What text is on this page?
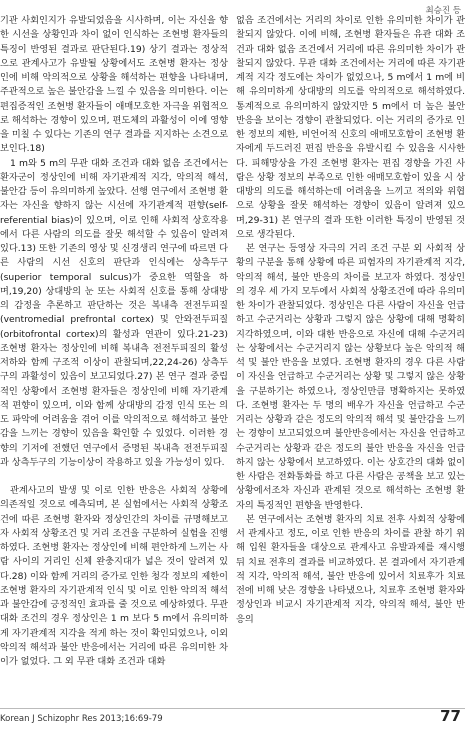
최승진 등

기관 사회인지가 유발되었음을 시사하며, 이는 자신을 향한 시선을 상황인과 차이 없이 인식하는 조현병 환자들의 특징이 반영된 결과로 판단된다.19) 상기 결과는 정상적으로 관계사고가 유발될 상황에서도 조현병 환자는 정상인에 비해 악의적으로 상황을 해석하는 편향을 나타내며, 주관적으로 높은 불안감을 느낄 수 있음을 의미한다. 이는 편집증적인 조현병 환자들이 애매모호한 자극을 위협적으로 해석하는 경향이 있으며, 편도체의 과활성이 이에 영향을 미칠 수 있다는 기존의 연구 결과를 지지하는 소견으로 보인다.18)

1 m와 5 m의 무관 대화 조건과 대화 없음 조건에서는 환자군이 정상인에 비해 자기관계적 지각, 악의적 해석, 불안감 등이 유의미하게 높았다. 선행 연구에서 조현병 환자는 자신을 향하지 않는 시선에 자기관계적 편향(self-referential bias)이 있으며, 이로 인해 사회적 상호작용에서 다른 사람의 의도를 잘못 해석할 수 있음이 알려져 있다.13) 또한 기존의 영상 및 신경생리 연구에 따르면 다른 사람의 시선 신호의 판단과 인식에는 상측두구(superior temporal sulcus)가 중요한 역할을 하며,19,20) 상대방의 눈 또는 사회적 신호를 통해 상대방의 감정을 추론하고 판단하는 것은 복내측 전전두피질(ventromedial prefrontal cortex) 및 안와전두피질(orbitofrontal cortex)의 활성과 연관이 있다.21-23) 조현병 환자는 정상인에 비해 복내측 전전두피질의 활성 저하와 함께 구조적 이상이 관찰되며,22,24-26) 상측두구의 과활성이 있음이 보고되었다.27) 본 연구 결과 중립적인 상황에서 조현병 환자들은 정상인에 비해 자기관계적 편향이 있으며, 이와 함께 상대방의 감정 인식 또는 의도 파악에 어려움을 겪어 이를 악의적으로 해석하고 불안감을 느끼는 경향이 있음을 확인할 수 있었다. 이러한 경향의 기저에 전했던 연구에서 증명된 복내측 전전두피질과 상측두구의 기능이상이 작용하고 있을 가능성이 있다.

관계사고의 발생 및 이로 인한 반응은 사회적 상황에 의존적일 것으로 예측되며, 본 실험에서는 사회적 상황조건에 따른 조현병 환자와 정상인간의 차이를 규명해보고자 사회적 상황조건 및 거리 조건을 구분하여 실험을 진행하였다. 조현병 환자는 정상인에 비해 편안하게 느끼는 사람 사이의 거리인 신체 완충지대가 넓은 것이 알려져 있다.28) 이와 함께 거리의 증가로 인한 청각 정보의 제한이 조현병 환자의 자기관계적 인식 및 이로 인한 악의적 해석과 불안감에 긍정적인 효과를 줄 것으로 예상하였다. 무관 대화 조건의 경우 정상인은 1 m 보다 5 m에서 유의미하게 자기관계적 지각을 적게 하는 것이 확인되었으나, 이외 악의적 해석과 불안 반응에서는 거리에 따른 유의미한 차이가 없었다. 그 외 무관 대화 조건과 대화

없음 조건에서는 거리의 차이로 인한 유의미한 차이가 관찰되지 않았다. 이에 비해, 조현병 환자들은 유관 대화 조건과 대화 없음 조건에서 거리에 따른 유의미한 차이가 관찰되지 않았다. 무관 대화 조건에서는 거리에 따른 자기관계적 지각 정도에는 차이가 없었으나, 5 m에서 1 m에 비해 유의미하게 상대방의 의도를 악의적으로 해석하였다. 통계적으로 유의미하지 않았지만 5 m에서 더 높은 불안반응을 보이는 경향이 관찰되었다. 이는 거리의 증가로 인한 정보의 제한, 비언어적 신호의 애매모호함이 조현병 환자에게 두드러진 편집 반응을 유발시킬 수 있음을 시사한다. 피해망상을 가진 조현병 환자는 편집 경향을 가진 사람은 상황 정보의 부족으로 인한 애매모호함이 있을 시 상대방의 의도를 해석하는데 어려움을 느끼고 적의와 위협으로 상황을 잘못 해석하는 경향이 있음이 알려져 있으며,29-31) 본 연구의 결과 또한 이러한 특징이 반영된 것으로 생각된다.

본 연구는 등영상 자극의 거리 조건 구분 외 사회적 상황의 구분을 통해 상황에 따른 피험자의 자기관계적 지각, 악의적 해석, 불안 반응의 차이를 보고자 하였다. 정상인의 경우 세 가지 모두에서 사회적 상황조건에 따라 유의미한 차이가 관찰되었다. 정상인은 다른 사람이 자신을 언급하고 수군거리는 상황과 그렇지 않은 상황에 대해 명확히 지각하였으며, 이와 대한 반응으로 자신에 대해 수군거리는 상황에서는 수군거리지 않는 상황보다 높은 악의적 해석 및 불안 반응을 보였다. 조현병 환자의 경우 다른 사람이 자신을 언급하고 수군거리는 상황 및 그렇지 않은 상황을 구분하기는 하였으나, 정상인만큼 명확하지는 못하였다. 조현병 환자는 두 명의 배우가 자신을 언급하고 수군거리는 상황과 같은 정도의 악의적 해석 및 불안감을 느끼는 경향이 보고되었으며 불안반응에서는 자신을 언급하고 수군거리는 상황과 같은 정도의 불안 반응을 자신을 언급하지 않는 상황에서 보고하였다. 이는 상호간의 대화 없이 한 사람은 전화통화를 하고 다른 사람은 공책을 보고 있는 상황에서조차 자신과 관계된 것으로 해석하는 조현병 환자의 특징적인 편향을 반영한다.

본 연구에서는 조현병 환자의 치료 전후 사회적 상황에서 관계사고 정도, 이로 인한 반응의 차이를 관찰 하기 위해 입원 환자들을 대상으로 관계사고 유발과제를 재시행 뒤 치료 전후의 결과를 비교하였다. 본 결과에서 자기관계적 지각, 악의적 해석, 불안 반응에 있어서 치료후가 치료 전에 비해 낮은 경향을 나타냈으나, 치료후 조현병 환자와 정상인과 비교시 자기관계적 지각, 악의적 해석, 불안 반응의

Korean J Schizophr Res 2013;16:69-79	77
